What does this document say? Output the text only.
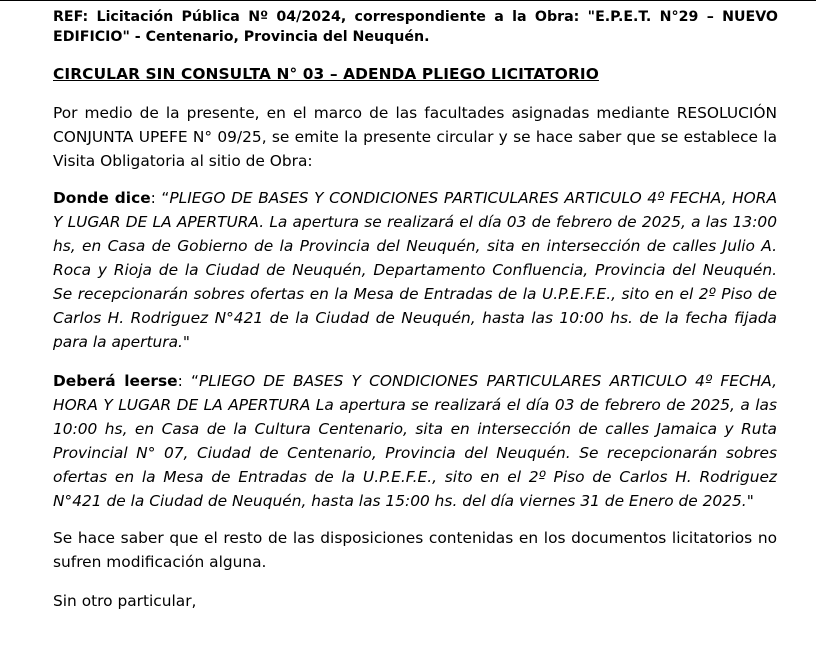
REF: Licitación Pública Nº 04/2024, correspondiente a la Obra: "E.P.E.T. N°29 – NUEVO EDIFICIO" - Centenario, Provincia del Neuquén.
CIRCULAR SIN CONSULTA N° 03 – ADENDA PLIEGO LICITATORIO
Por medio de la presente, en el marco de las facultades asignadas mediante RESOLUCIÓN CONJUNTA UPEFE N° 09/25, se emite la presente circular y se hace saber que se establece la Visita Obligatoria al sitio de Obra:
Donde dice: “PLIEGO DE BASES Y CONDICIONES PARTICULARES ARTICULO 4º FECHA, HORA Y LUGAR DE LA APERTURA. La apertura se realizará el día 03 de febrero de 2025, a las 13:00 hs, en Casa de Gobierno de la Provincia del Neuquén, sita en intersección de calles Julio A. Roca y Rioja de la Ciudad de Neuquén, Departamento Confluencia, Provincia del Neuquén. Se recepcionarán sobres ofertas en la Mesa de Entradas de la U.P.E.F.E., sito en el 2º Piso de Carlos H. Rodriguez N°421 de la Ciudad de Neuquén, hasta las 10:00 hs. de la fecha fijada para la apertura."
Deberá leerse: “PLIEGO DE BASES Y CONDICIONES PARTICULARES ARTICULO 4º FECHA, HORA Y LUGAR DE LA APERTURA La apertura se realizará el día 03 de febrero de 2025, a las 10:00 hs, en Casa de la Cultura Centenario, sita en intersección de calles Jamaica y Ruta Provincial N° 07, Ciudad de Centenario, Provincia del Neuquén. Se recepcionarán sobres ofertas en la Mesa de Entradas de la U.P.E.F.E., sito en el 2º Piso de Carlos H. Rodriguez N°421 de la Ciudad de Neuquén, hasta las 15:00 hs. del día viernes 31 de Enero de 2025."
Se hace saber que el resto de las disposiciones contenidas en los documentos licitatorios no sufren modificación alguna.
Sin otro particular,
